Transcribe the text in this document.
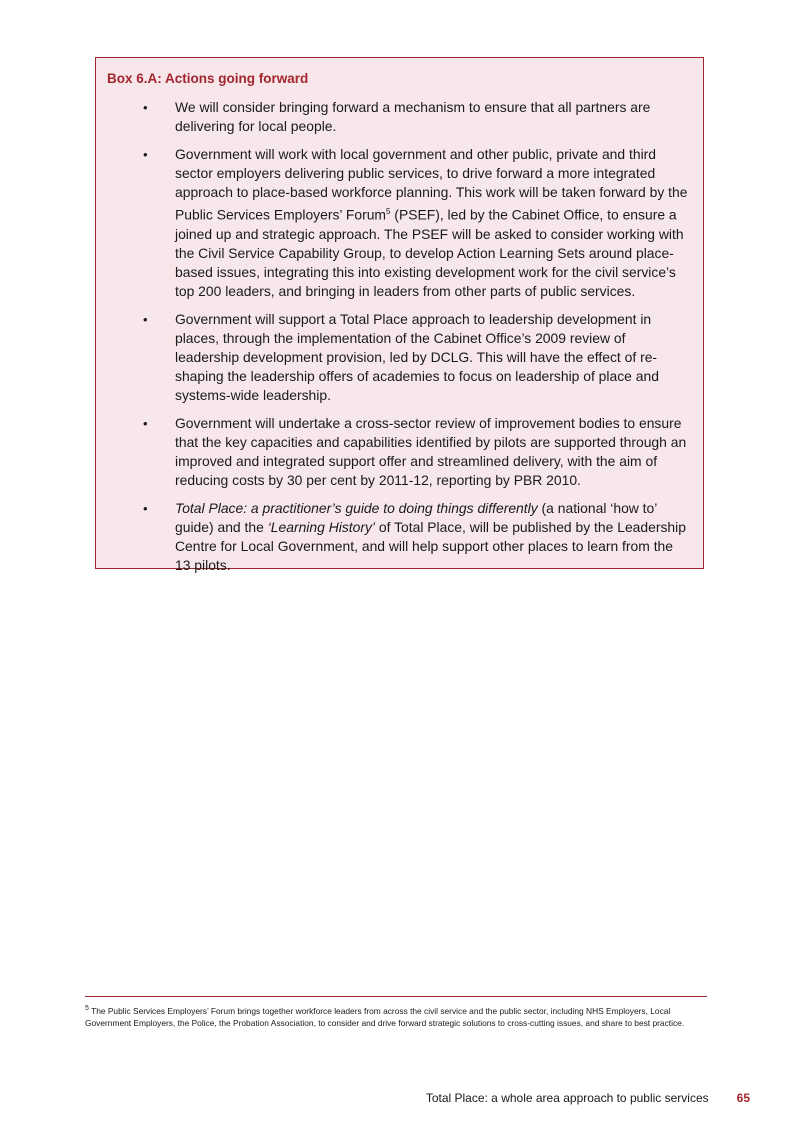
Box 6.A: Actions going forward
• We will consider bringing forward a mechanism to ensure that all partners are delivering for local people.
• Government will work with local government and other public, private and third sector employers delivering public services, to drive forward a more integrated approach to place-based workforce planning. This work will be taken forward by the Public Services Employers’ Forum$^5$ (PSEF), led by the Cabinet Office, to ensure a joined up and strategic approach. The PSEF will be asked to consider working with the Civil Service Capability Group, to develop Action Learning Sets around place-based issues, integrating this into existing development work for the civil service’s top 200 leaders, and bringing in leaders from other parts of public services.
• Government will support a Total Place approach to leadership development in places, through the implementation of the Cabinet Office’s 2009 review of leadership development provision, led by DCLG. This will have the effect of re-shaping the leadership offers of academies to focus on leadership of place and systems-wide leadership.
• Government will undertake a cross-sector review of improvement bodies to ensure that the key capacities and capabilities identified by pilots are supported through an improved and integrated support offer and streamlined delivery, with the aim of reducing costs by 30 per cent by 2011-12, reporting by PBR 2010.
• Total Place: a practitioner’s guide to doing things differently (a national ‘how to’ guide) and the ‘Learning History’ of Total Place, will be published by the Leadership Centre for Local Government, and will help support other places to learn from the 13 pilots.
$^5$ The Public Services Employers’ Forum brings together workforce leaders from across the civil service and the public sector, including NHS Employers, Local Government Employers, the Police, the Probation Association, to consider and drive forward strategic solutions to cross-cutting issues, and share to best practice.
Total Place: a whole area approach to public services 65
